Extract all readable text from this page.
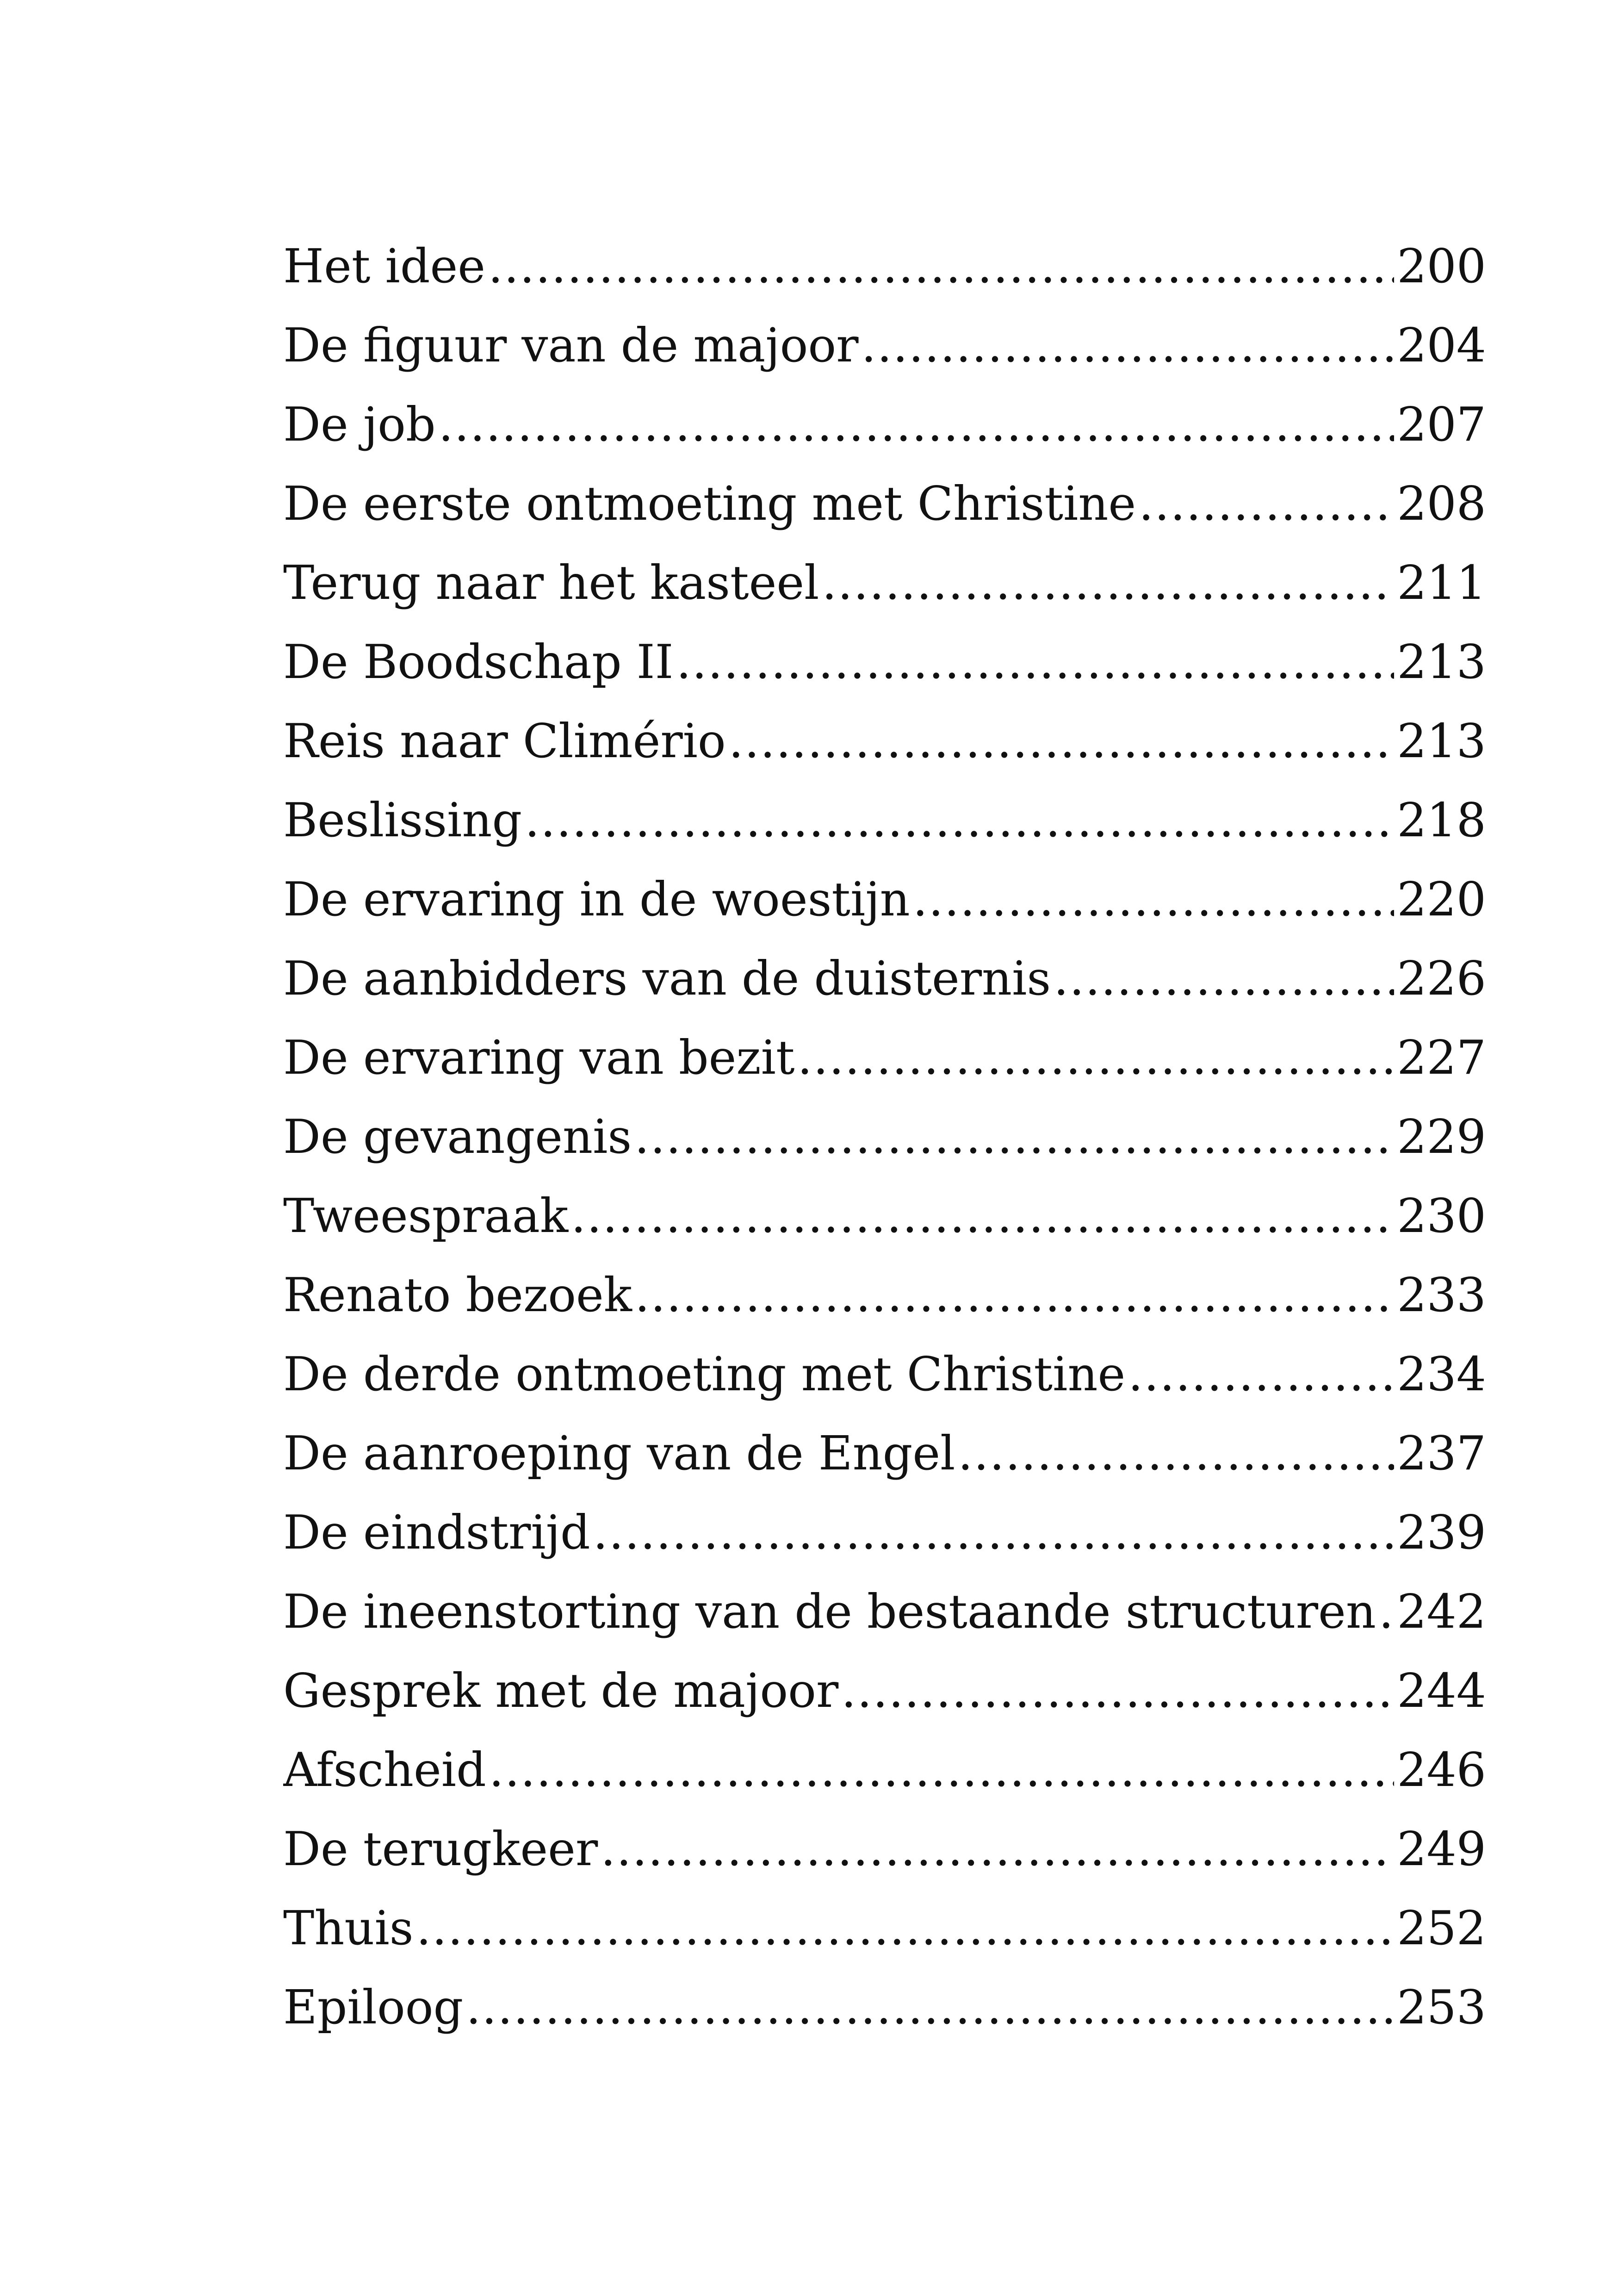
Het idee .....	200
De figuur van de majoor .....	204
De job .....	207
De eerste ontmoeting met Christine .....	208
Terug naar het kasteel .....	211
De Boodschap II .....	213
Reis naar Climério .....	213
Beslissing .....	218
De ervaring in de woestijn .....	220
De aanbidders van de duisternis .....	226
De ervaring van bezit .....	227
De gevangenis .....	229
Tweespraak .....	230
Renato bezoek .....	233
De derde ontmoeting met Christine .....	234
De aanroeping van de Engel .....	237
De eindstrijd .....	239
De ineenstorting van de bestaande structuren ..... 242
Gesprek met de majoor .....	244
Afscheid .....	246
De terugkeer .....	249
Thuis .....	252
Epiloog .....	253
